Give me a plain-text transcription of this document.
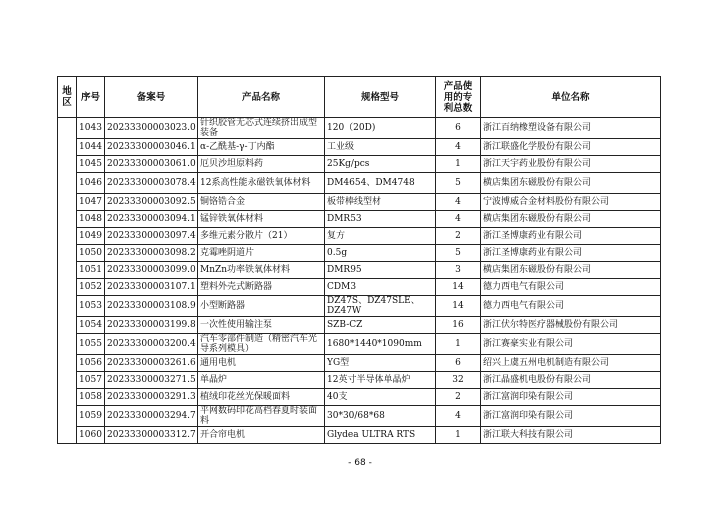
地
区	序号	备案号	产品名称	规格型号	产品使
用的专
利总数	单位名称
	1043	20233300003023.0	针织胶管无芯式连续挤出成型装备	120（20D)	6	浙江百纳橡塑设备有限公司
	1044	20233300003046.1	α-乙酰基-γ-丁内酯	工业级	4	浙江联盛化学股份有限公司
	1045	20233300003061.0	厄贝沙坦原料药	25Kg/pcs	1	浙江天宇药业股份有限公司
	1046	20233300003078.4	12系高性能永磁铁氧体材料	DM4654、DM4748	5	横店集团东磁股份有限公司
	1047	20233300003092.5	铜铬锆合金	板带棒线型材	4	宁波博威合金材料股份有限公司
	1048	20233300003094.1	锰锌铁氧体材料	DMR53	4	横店集团东磁股份有限公司
	1049	20233300003097.4	多维元素分散片（21）	复方	2	浙江圣博康药业有限公司
	1050	20233300003098.2	克霉唑阴道片	0.5g	5	浙江圣博康药业有限公司
	1051	20233300003099.0	MnZn功率铁氧体材料	DMR95	3	横店集团东磁股份有限公司
	1052	20233300003107.1	塑料外壳式断路器	CDM3	14	德力西电气有限公司
	1053	20233300003108.9	小型断路器	DZ47S、DZ47SLE、DZ47W	14	德力西电气有限公司
	1054	20233300003199.8	一次性使用输注泵	SZB-CZ	16	浙江伏尔特医疗器械股份有限公司
	1055	20233300003200.4	汽车零部件制造（精密汽车光导系列模具）	1680*1440*1090mm	1	浙江赛豪实业有限公司
	1056	20233300003261.6	通用电机	YG型	6	绍兴上虞五州电机制造有限公司
	1057	20233300003271.5	单晶炉	12英寸半导体单晶炉	32	浙江晶盛机电股份有限公司
	1058	20233300003291.3	植绒印花丝光保暖面料	40支	2	浙江富润印染有限公司
	1059	20233300003294.7	平网数码印花高档春夏时装面料	30*30/68*68	4	浙江富润印染有限公司
	1060	20233300003312.7	开合帘电机	Glydea ULTRA RTS	1	浙江联大科技有限公司
- 68 -
